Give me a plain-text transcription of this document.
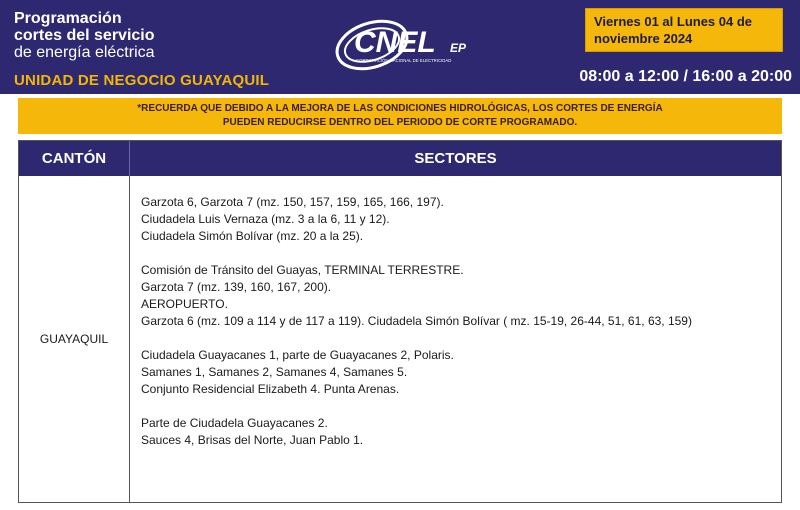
Programación
cortes del servicio
de energía eléctrica
UNIDAD DE NEGOCIO GUAYAQUIL
CNEL EP
CORPORACIÓN NACIONAL DE ELECTRICIDAD
Viernes 01 al Lunes 04 de
noviembre 2024
08:00 a 12:00 / 16:00 a 20:00
*RECUERDA QUE DEBIDO A LA MEJORA DE LAS CONDICIONES HIDROLÓGICAS, LOS CORTES DE ENERGÍA
PUEDEN REDUCIRSE DENTRO DEL PERIODO DE CORTE PROGRAMADO.
CANTÓN	SECTORES
GUAYAQUIL
Garzota 6, Garzota 7 (mz. 150, 157, 159, 165, 166, 197).
Ciudadela Luis Vernaza (mz. 3 a la 6, 11 y 12).
Ciudadela Simón Bolívar (mz. 20 a la 25).
Comisión de Tránsito del Guayas, TERMINAL TERRESTRE.
Garzota 7 (mz. 139, 160, 167, 200).
AEROPUERTO.
Garzota 6 (mz. 109 a 114 y de 117 a 119). Ciudadela Simón Bolívar ( mz. 15-19, 26-44, 51, 61, 63, 159)
Ciudadela Guayacanes 1, parte de Guayacanes 2, Polaris.
Samanes 1, Samanes 2, Samanes 4, Samanes 5.
Conjunto Residencial Elizabeth 4. Punta Arenas.
Parte de Ciudadela Guayacanes 2.
Sauces 4, Brisas del Norte, Juan Pablo 1.
